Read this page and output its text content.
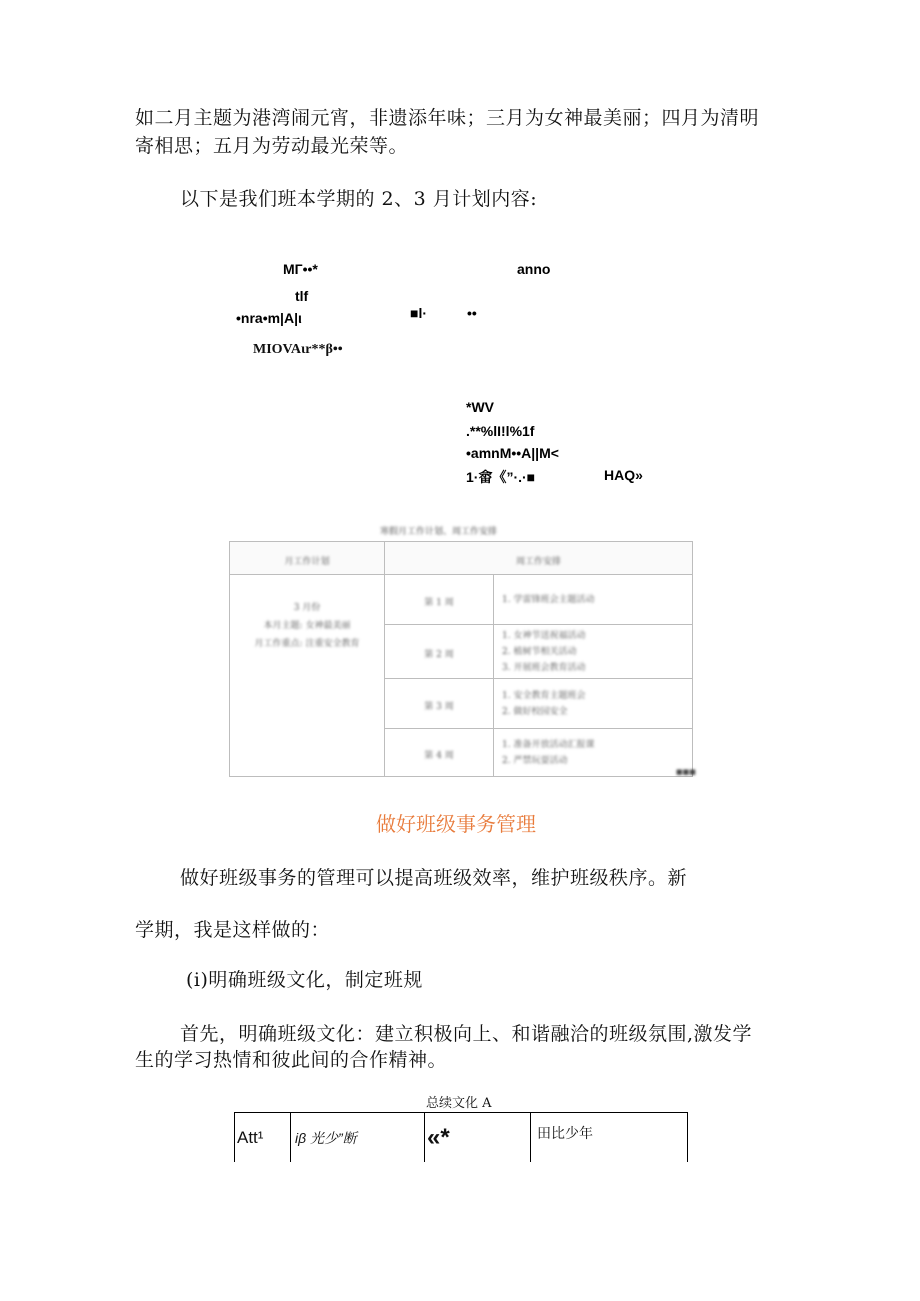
如二月主题为港湾闹元宵，非遗添年味；三月为女神最美丽；四月为清明
寄相思；五月为劳动最光荣等。
以下是我们班本学期的 2、3 月计划内容:
MГ••*	anno
tlf
•nra•m|A|ι	■l·	••
MΙOVAιr**β••
*WV
.**%lI!l%1f
•amnM••A||M<
1·畲《”·.·■	HAQ»
寒假月工作计划、周工作安排
月工作计划	周工作安排	

3 月份
本月主题: 女神最美丽
月工作重点: 注重安全教育	第 1 周	1. 学雷锋班会主题活动

	第 2 周	1. 女神节送祝福活动
2. 植树节相关活动
3. 开展班会教育活动

	第 3 周	1. 安全教育主题班会
2. 做好校园安全

	第 4 周	1. 准备开放活动汇报课
2. 严禁玩耍活动
■■■
做好班级事务管理
做好班级事务的管理可以提高班级效率，维护班级秩序。新
学期，我是这样做的：
(i)明确班级文化，制定班规
首先，明确班级文化：建立积极向上、和谐融洽的班级氛围,激发学
生的学习热情和彼此间的合作精神。
总续文化 A
Att¹	iβ 光少”断	«*	田比少年
